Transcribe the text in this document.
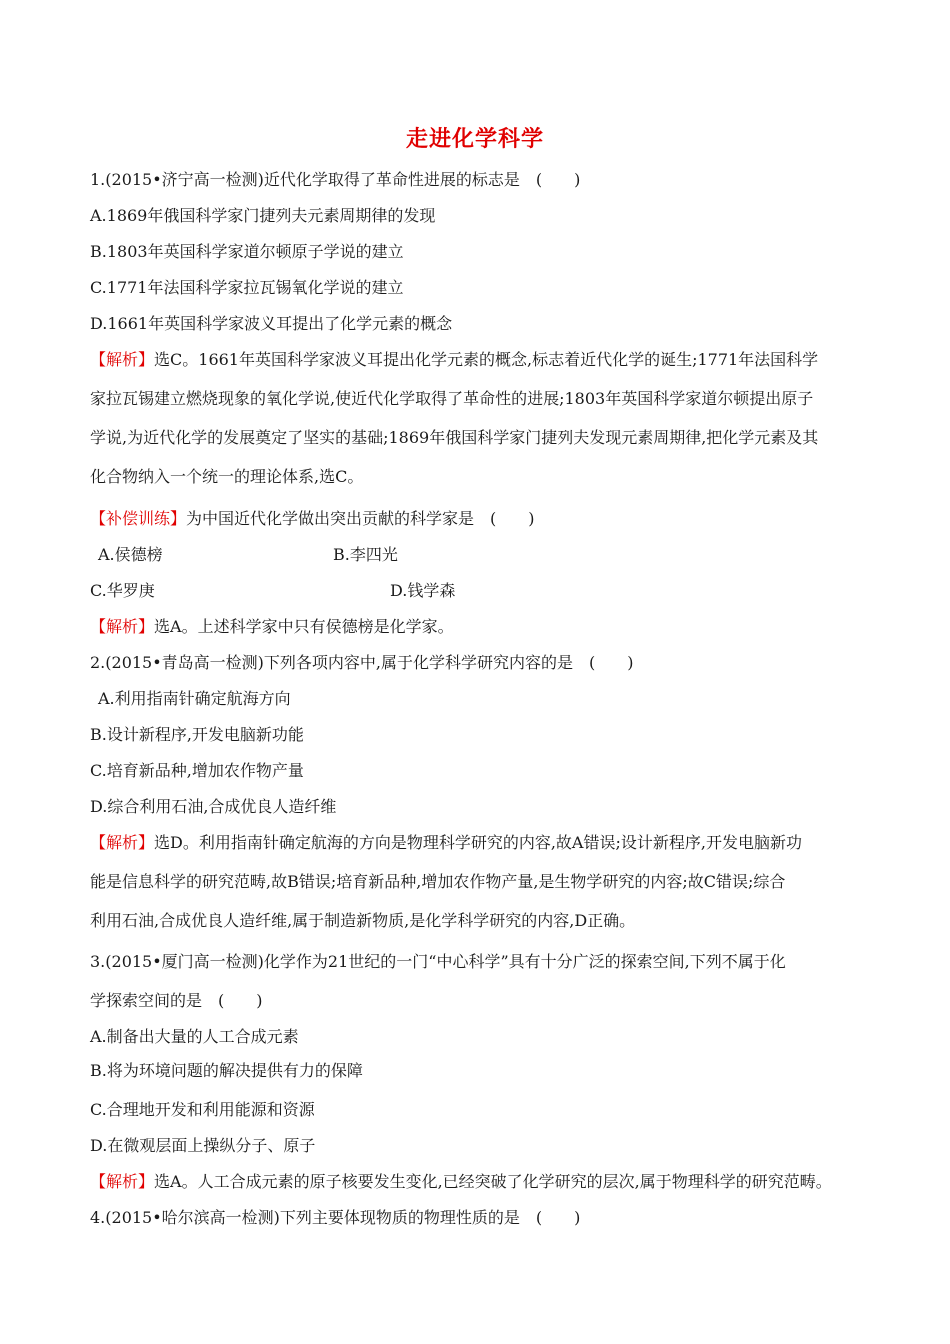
走进化学科学
1.(2015•济宁高一检测)近代化学取得了革命性进展的标志是　(　　)
A.1869年俄国科学家门捷列夫元素周期律的发现
B.1803年英国科学家道尔顿原子学说的建立
C.1771年法国科学家拉瓦锡氧化学说的建立
D.1661年英国科学家波义耳提出了化学元素的概念
【解析】选C。1661年英国科学家波义耳提出化学元素的概念,标志着近代化学的诞生;1771年法国科学
家拉瓦锡建立燃烧现象的氧化学说,使近代化学取得了革命性的进展;1803年英国科学家道尔顿提出原子
学说,为近代化学的发展奠定了坚实的基础;1869年俄国科学家门捷列夫发现元素周期律,把化学元素及其
化合物纳入一个统一的理论体系,选C。
【补偿训练】为中国近代化学做出突出贡献的科学家是　(　　)
A.侯德榜	B.李四光
C.华罗庚	D.钱学森
【解析】选A。上述科学家中只有侯德榜是化学家。
2.(2015•青岛高一检测)下列各项内容中,属于化学科学研究内容的是　(　　)
A.利用指南针确定航海方向
B.设计新程序,开发电脑新功能
C.培育新品种,增加农作物产量
D.综合利用石油,合成优良人造纤维
【解析】选D。利用指南针确定航海的方向是物理科学研究的内容,故A错误;设计新程序,开发电脑新功
能是信息科学的研究范畴,故B错误;培育新品种,增加农作物产量,是生物学研究的内容;故C错误;综合
利用石油,合成优良人造纤维,属于制造新物质,是化学科学研究的内容,D正确。
3.(2015•厦门高一检测)化学作为21世纪的一门“中心科学”具有十分广泛的探索空间,下列不属于化
学探索空间的是　(　　)
A.制备出大量的人工合成元素
B.将为环境问题的解决提供有力的保障
C.合理地开发和利用能源和资源
D.在微观层面上操纵分子、原子
【解析】选A。人工合成元素的原子核要发生变化,已经突破了化学研究的层次,属于物理科学的研究范畴。
4.(2015•哈尔滨高一检测)下列主要体现物质的物理性质的是　(　　)
